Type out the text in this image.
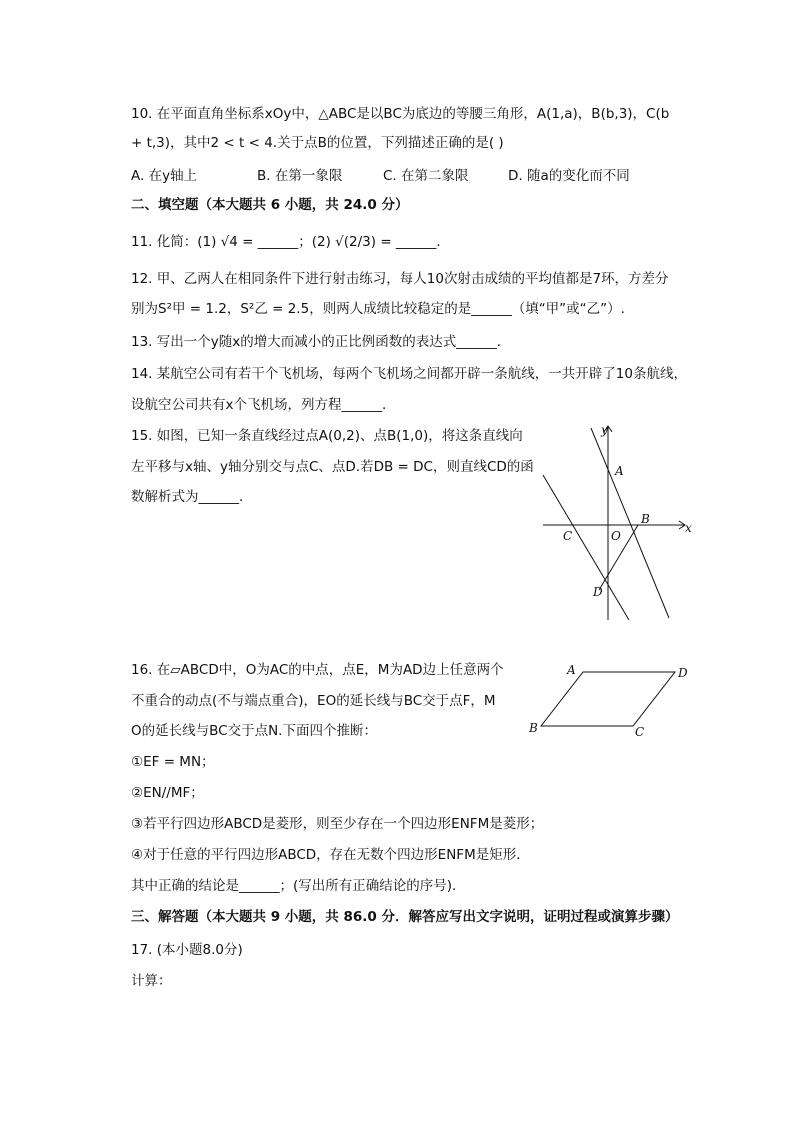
10. 在平面直角坐标系xOy中，△ABC是以BC为底边的等腰三角形，A(1,a)，B(b,3)，C(b
+ t,3)，其中2 < t < 4.关于点B的位置，下列描述正确的是( )
A. 在y轴上	B. 在第一象限	C. 在第二象限	D. 随a的变化而不同
二、填空题（本大题共 6 小题，共 24.0 分）
11. 化简：(1) √4 = ______；(2) √(2/3) = ______．
12. 甲、乙两人在相同条件下进行射击练习，每人10次射击成绩的平均值都是7环，方差分
别为S²甲 = 1.2，S²乙 = 2.5，则两人成绩比较稳定的是______（填“甲”或“乙”）.
13. 写出一个y随x的增大而减小的正比例函数的表达式______．
14. 某航空公司有若干个飞机场，每两个飞机场之间都开辟一条航线，一共开辟了10条航线，
设航空公司共有x个飞机场，列方程______．
15. 如图，已知一条直线经过点A(0,2)、点B(1,0)，将这条直线向
左平移与x轴、y轴分别交与点C、点D.若DB = DC，则直线CD的函
数解析式为______．
y
x
A
B
C	O
D
16. 在▱ABCD中，O为AC的中点，点E，M为AD边上任意两个
不重合的动点(不与端点重合)，EO的延长线与BC交于点F，M
O的延长线与BC交于点N.下面四个推断：
A	D
B	C
①EF = MN；
②EN//MF；
③若平行四边形ABCD是菱形，则至少存在一个四边形ENFM是菱形；
④对于任意的平行四边形ABCD，存在无数个四边形ENFM是矩形．
其中正确的结论是______；(写出所有正确结论的序号)．
三、解答题（本大题共 9 小题，共 86.0 分．解答应写出文字说明，证明过程或演算步骤）
17. (本小题8.0分)
计算：
